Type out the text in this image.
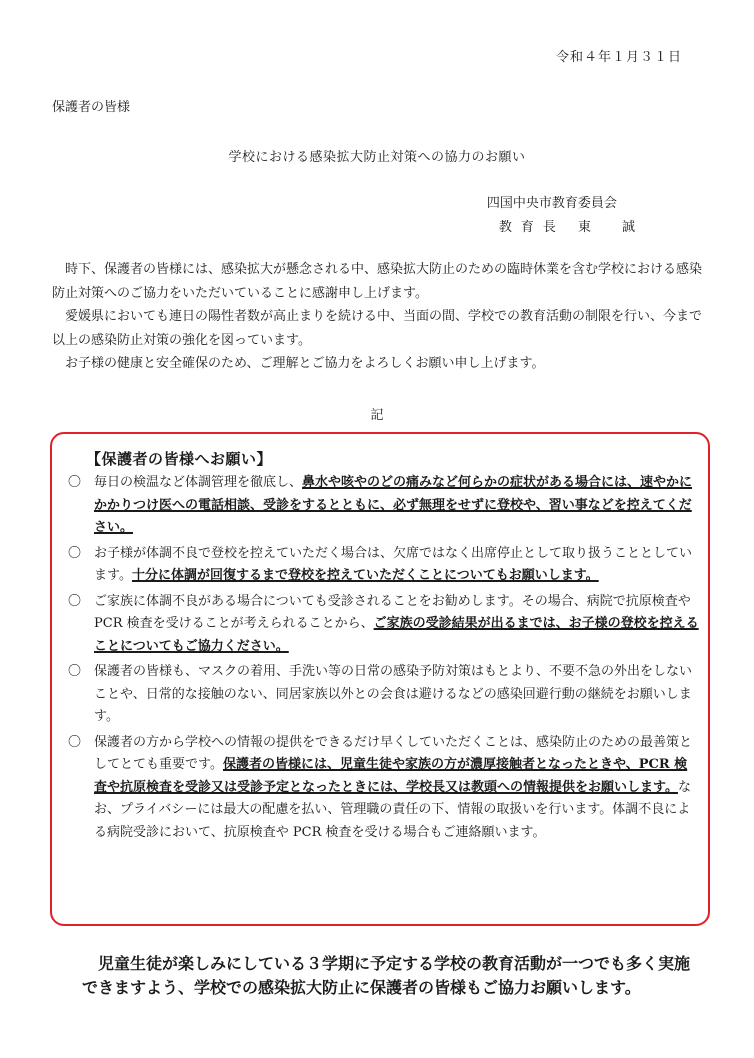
令和４年１月３１日
保護者の皆様
学校における感染拡大防止対策への協力のお願い
四国中央市教育委員会
教育長 東　誠

時下、保護者の皆様には、感染拡大が懸念される中、感染拡大防止のための臨時休業を含む学校における感染防止対策へのご協力をいただいていることに感謝申し上げます。

愛媛県においても連日の陽性者数が高止まりを続ける中、当面の間、学校での教育活動の制限を行い、今まで以上の感染防止対策の強化を図っています。

お子様の健康と安全確保のため、ご理解とご協力をよろしくお願い申し上げます。

記
【保護者の皆様へお願い】
〇 毎日の検温など体調管理を徹底し、鼻水や咳やのどの痛みなど何らかの症状がある場合には、速やかにかかりつけ医への電話相談、受診をするとともに、必ず無理をせずに登校や、習い事などを控えてください。
〇 お子様が体調不良で登校を控えていただく場合は、欠席ではなく出席停止として取り扱うこととしています。十分に体調が回復するまで登校を控えていただくことについてもお願いします。
〇 ご家族に体調不良がある場合についても受診されることをお勧めします。その場合、病院で抗原検査や PCR 検査を受けることが考えられることから、ご家族の受診結果が出るまでは、お子様の登校を控えることについてもご協力ください。
〇 保護者の皆様も、マスクの着用、手洗い等の日常の感染予防対策はもとより、不要不急の外出をしないことや、日常的な接触のない、同居家族以外との会食は避けるなどの感染回避行動の継続をお願いします。
〇 保護者の方から学校への情報の提供をできるだけ早くしていただくことは、感染防止のための最善策としてとても重要です。保護者の皆様には、児童生徒や家族の方が濃厚接触者となったときや、PCR 検査や抗原検査を受診又は受診予定となったときには、学校長又は教頭への情報提供をお願いします。なお、プライバシーには最大の配慮を払い、管理職の責任の下、情報の取扱いを行います。体調不良による病院受診において、抗原検査や PCR 検査を受ける場合もご連絡願います。
児童生徒が楽しみにしている３学期に予定する学校の教育活動が一つでも多く実施できますよう、学校での感染拡大防止に保護者の皆様もご協力お願いします。
